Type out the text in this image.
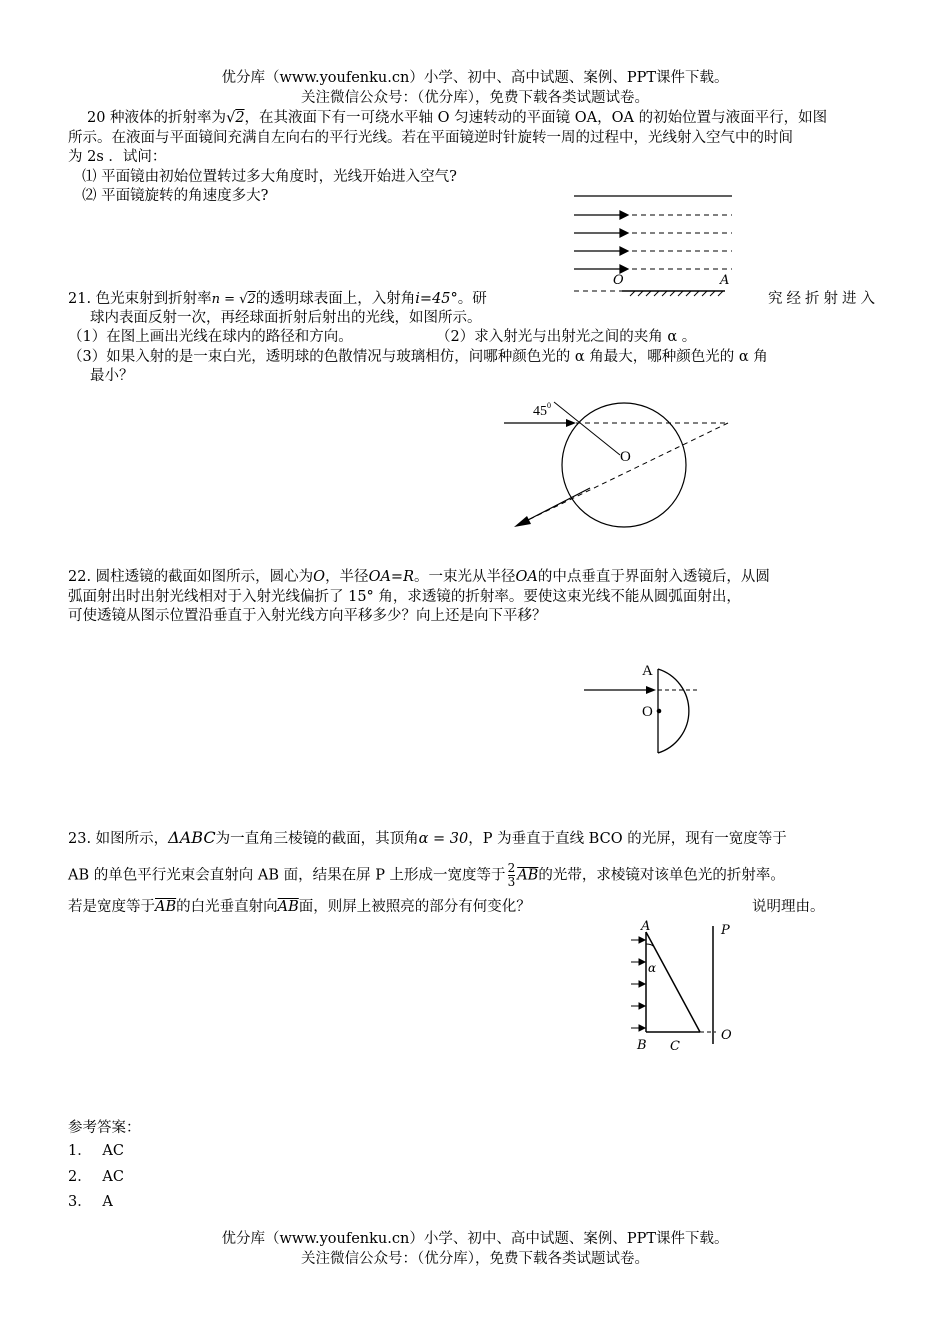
优分库（www.youfenku.cn）小学、初中、高中试题、案例、PPT课件下载。
关注微信公众号：（优分库），免费下载各类试题试卷。
20 种液体的折射率为√2，在其液面下有一可绕水平轴 O 匀速转动的平面镜 OA，OA 的初始位置与液面平行，如图
所示。在液面与平面镜间充满自左向右的平行光线。若在平面镜逆时针旋转一周的过程中，光线射入空气中的时间
为 2s ．试问：
⑴ 平面镜由初始位置转过多大角度时，光线开始进入空气?
⑵ 平面镜旋转的角速度多大?
O	A
21. 色光束射到折射率n = √2的透明球表面上，入射角i=45°。研	究经折射进入
球内表面反射一次，再经球面折射后射出的光线，如图所示。
（1）在图上画出光线在球内的路径和方向。	（2）求入射光与出射光之间的夹角 α 。
（3）如果入射的是一束白光，透明球的色散情况与玻璃相仿，问哪种颜色光的 α 角最大，哪种颜色光的 α 角
最小？
$45^0$
O
22. 圆柱透镜的截面如图所示，圆心为O，半径OA=R。一束光从半径OA的中点垂直于界面射入透镜后，从圆
弧面射出时出射光线相对于入射光线偏折了 15° 角，求透镜的折射率。要使这束光线不能从圆弧面射出，
可使透镜从图示位置沿垂直于入射光线方向平移多少？向上还是向下平移？
A
O
23. 如图所示，ΔABC为一直角三棱镜的截面，其顶角α = 30，P 为垂直于直线 BCO 的光屏，现有一宽度等于
AB 的单色平行光束会直射向 AB 面，结果在屏 P 上形成一宽度等于 $\frac{2}{3} \overline{AB}$的光带，求棱镜对该单色光的折射率。
若是宽度等于$\overline{AB}$的白光垂直射向$\overline{AB}$面，则屏上被照亮的部分有何变化？	说明理由。
A
α
B C
P
O
参考答案：
1． AC
2． AC
3． A
优分库（www.youfenku.cn）小学、初中、高中试题、案例、PPT课件下载。
关注微信公众号：（优分库），免费下载各类试题试卷。
